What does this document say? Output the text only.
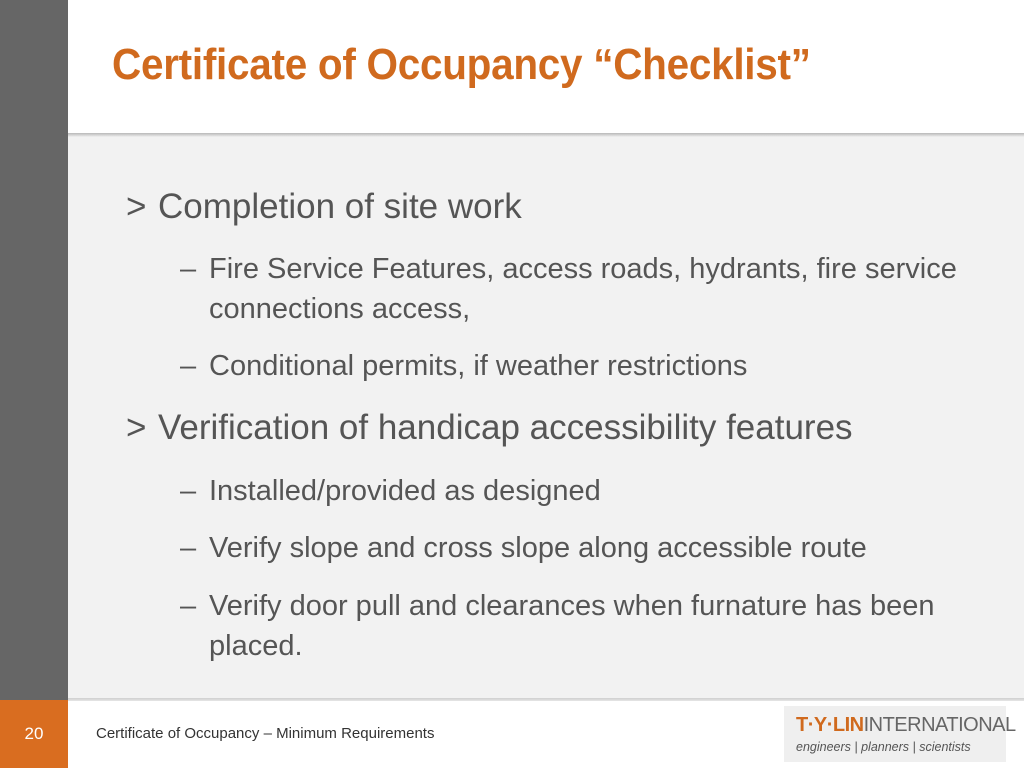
Certificate of Occupancy “Checklist”
> Completion of site work
– Fire Service Features, access roads, hydrants, fire service connections access,
– Conditional permits, if weather restrictions
> Verification of handicap accessibility features
– Installed/provided as designed
– Verify slope and cross slope along accessible route
– Verify door pull and clearances when furnature has been placed.
20	Certificate of Occupancy – Minimum Requirements	T·Y·LININTERNATIONAL
engineers | planners | scientists
